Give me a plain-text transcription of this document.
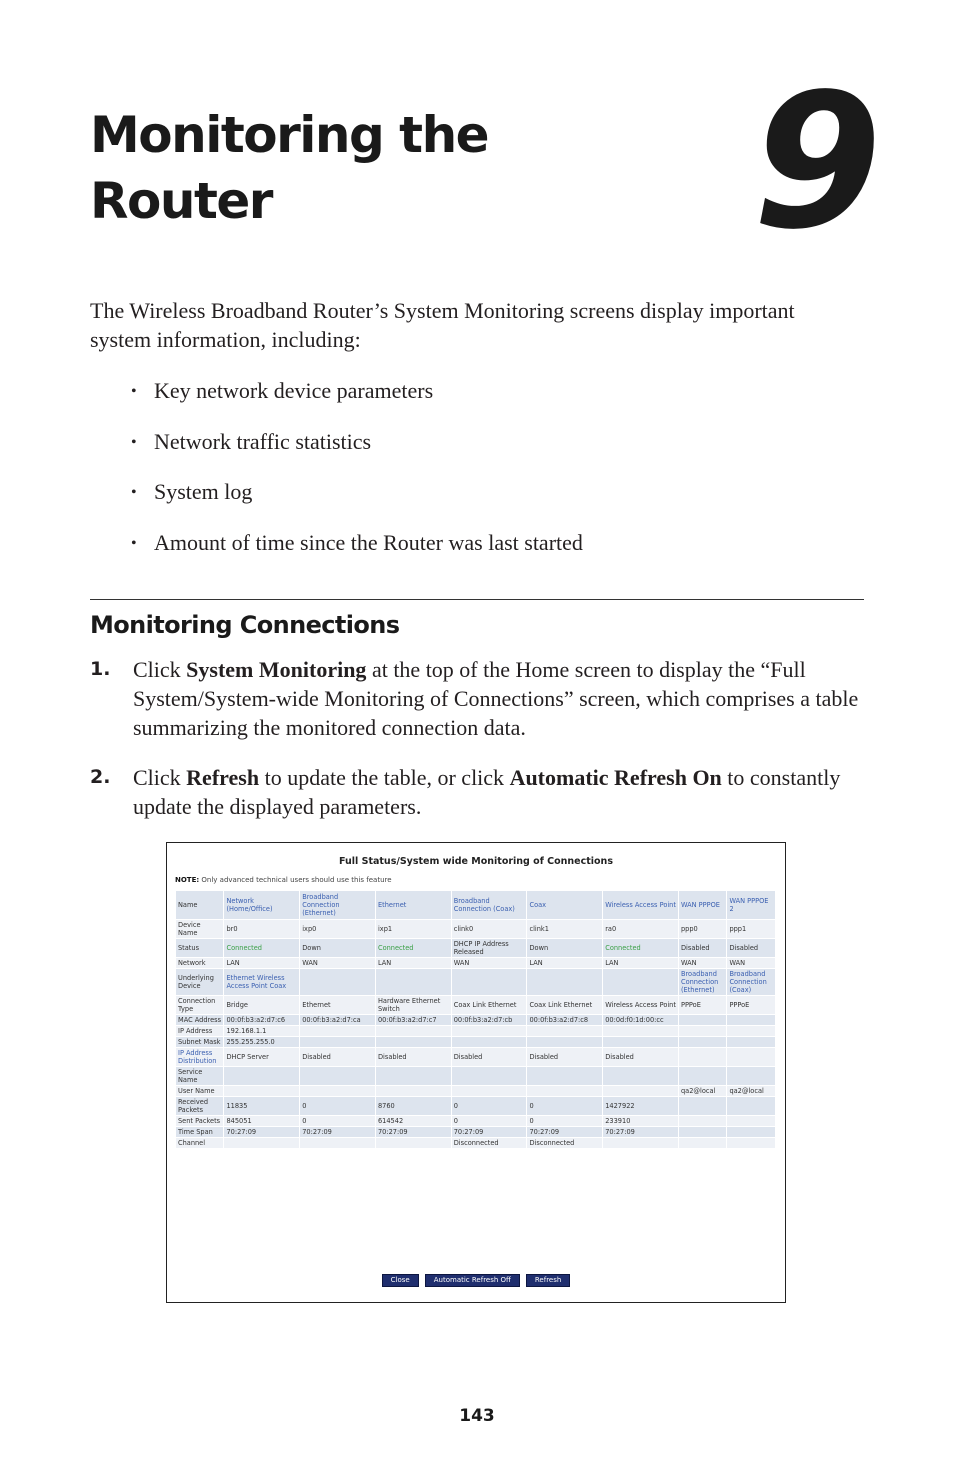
Monitoring the
Router	9

The Wireless Broadband Router’s System Monitoring screens display important system information, including:

• Key network device parameters
• Network traffic statistics
• System log
• Amount of time since the Router was last started
Monitoring Connections
1. Click System Monitoring at the top of the Home screen to display the “Full System/System-wide Monitoring of Connections” screen, which comprises a table summarizing the monitored connection data.
2. Click Refresh to update the table, or click Automatic Refresh On to constantly update the displayed parameters.
Full Status/System wide Monitoring of Connections
NOTE: Only advanced technical users should use this feature
Name	Network (Home/Office)	Broadband Connection (Ethernet)	Ethernet	Broadband Connection (Coax)	Coax	Wireless Access Point	WAN PPPOE	WAN PPPOE 2
Device Name	br0	ixp0	ixp1	clink0	clink1	ra0	ppp0	ppp1
Status	Connected	Down	Connected	DHCP IP Address Released	Down	Connected	Disabled	Disabled
Network	LAN	WAN	LAN	WAN	LAN	LAN	WAN	WAN
Underlying Device	Ethernet Wireless Access Point Coax						Broadband Connection (Ethernet)	Broadband Connection (Coax)
Connection Type	Bridge	Ethernet	Hardware Ethernet Switch	Coax Link Ethernet	Coax Link Ethernet	Wireless Access Point	PPPoE	PPPoE
MAC Address	00:0f:b3:a2:d7:c6	00:0f:b3:a2:d7:ca	00:0f:b3:a2:d7:c7	00:0f:b3:a2:d7:cb	00:0f:b3:a2:d7:c8	00:0d:f0:1d:00:cc		
IP Address	192.168.1.1							
Subnet Mask	255.255.255.0							
IP Address Distribution	DHCP Server	Disabled	Disabled	Disabled	Disabled	Disabled		
Service Name								
User Name							qa2@local	qa2@local
Received Packets	11835	0	8760	0	0	1427922		
Sent Packets	845051	0	614542	0	0	233910		
Time Span	70:27:09	70:27:09	70:27:09	70:27:09	70:27:09	70:27:09		
Channel				Disconnected	Disconnected			
Close	Automatic Refresh Off	Refresh
143
